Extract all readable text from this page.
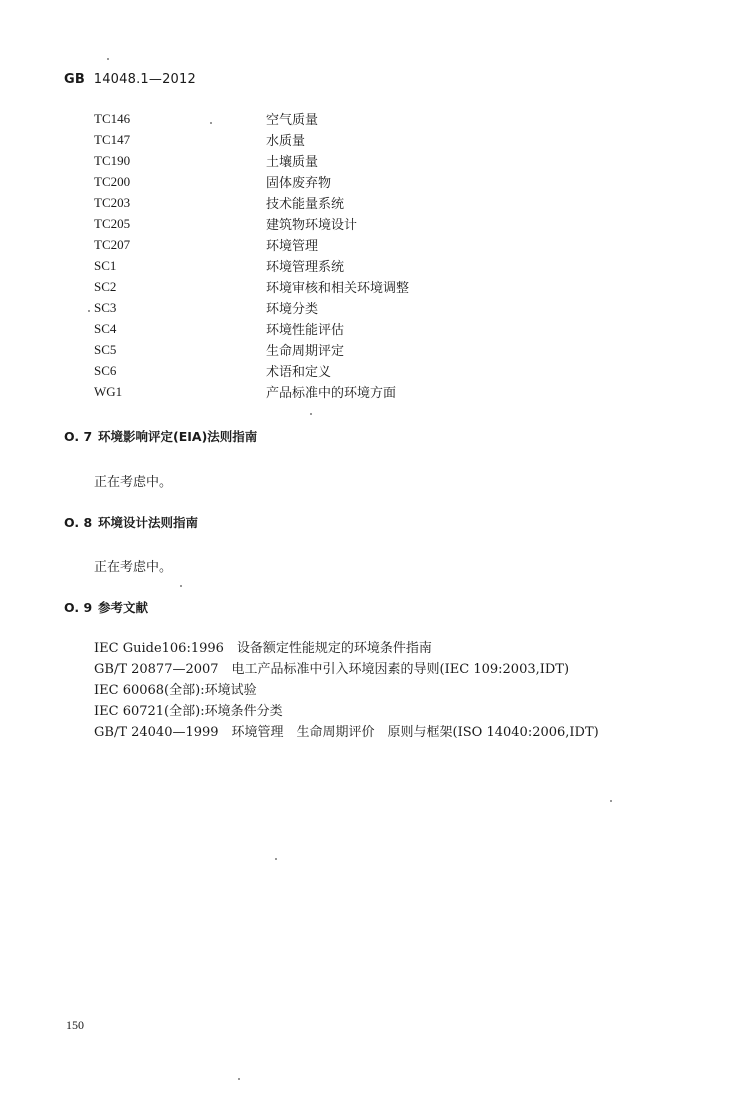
GB 14048.1—2012
TC146	空气质量
TC147	水质量
TC190	土壤质量
TC200	固体废弃物
TC203	技术能量系统
TC205	建筑物环境设计
TC207	环境管理
SC1	环境管理系统
SC2	环境审核和相关环境调整
SC3	环境分类
SC4	环境性能评估
SC5	生命周期评定
SC6	术语和定义
WG1	产品标准中的环境方面
O. 7 环境影响评定(EIA)法则指南
正在考虑中。
O. 8 环境设计法则指南
正在考虑中。
O. 9 参考文献
IEC Guide106:1996　设备额定性能规定的环境条件指南
GB/T 20877—2007　电工产品标准中引入环境因素的导则(IEC 109:2003,IDT)
IEC 60068(全部):环境试验
IEC 60721(全部):环境条件分类
GB/T 24040—1999　环境管理　生命周期评价　原则与框架(ISO 14040:2006,IDT)
150
